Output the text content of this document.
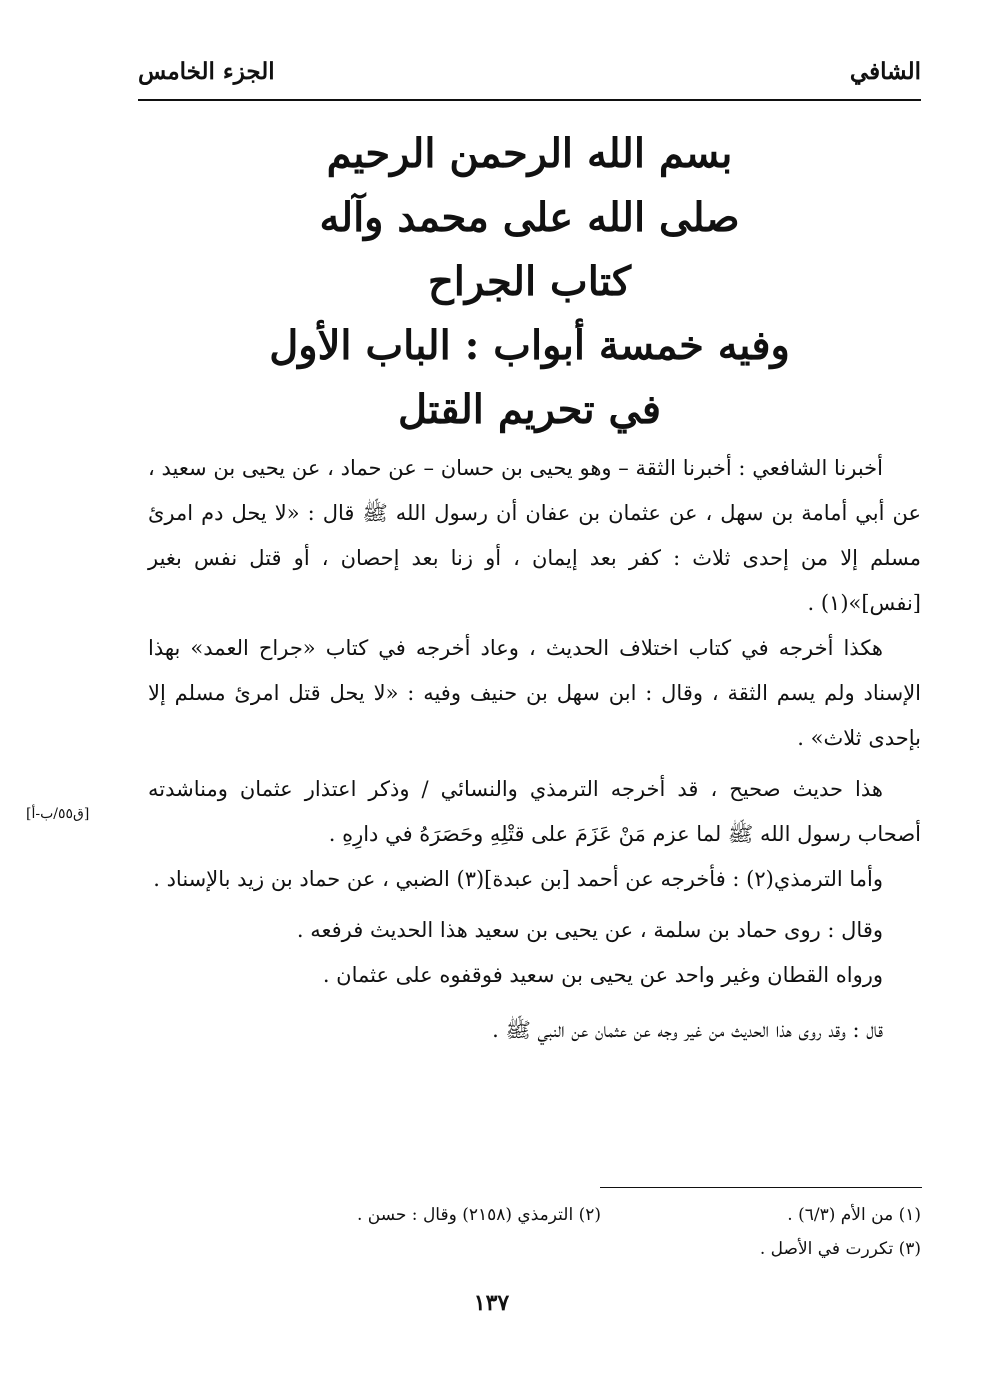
الشافي
الجزء الخامس
بسم الله الرحمن الرحيم
صلى الله على محمد وآله
كتاب الجراح
وفيه خمسة أبواب : الباب الأول
في تحريم القتل

أخبرنا الشافعي : أخبرنا الثقة – وهو يحيى بن حسان – عن حماد ، عن يحيى بن سعيد ، عن أبي أمامة بن سهل ، عن عثمان بن عفان أن رسول الله ﷺ قال : «لا يحل دم امرئ مسلم إلا من إحدى ثلاث : كفر بعد إيمان ، أو زنا بعد إحصان ، أو قتل نفس بغير [نفس]»(١) .

هكذا أخرجه في كتاب اختلاف الحديث ، وعاد أخرجه في كتاب «جراح العمد» بهذا الإسناد ولم يسم الثقة ، وقال : ابن سهل بن حنيف وفيه : «لا يحل قتل امرئ مسلم إلا بإحدى ثلاث» .

هذا حديث صحيح ، قد أخرجه الترمذي والنسائي / وذكر اعتذار عثمان ومناشدته أصحاب رسول الله ﷺ لما عزم مَنْ عَزَمَ على قتْلِهِ وحَصَرَهُ في دارِهِ .

وأما الترمذي(٢) : فأخرجه عن أحمد [بن عبدة](٣) الضبي ، عن حماد بن زيد بالإسناد .

وقال : روى حماد بن سلمة ، عن يحيى بن سعيد هذا الحديث فرفعه .

ورواه القطان وغير واحد عن يحيى بن سعيد فوقفوه على عثمان .

قال : وقد روى هذا الحديث من غير وجه عن عثمان عن النبي ﷺ .

[ق٥٥/ب-أ]
(١) من الأم (٦/٣) .
(٢) الترمذي (٢١٥٨) وقال : حسن .
(٣) تكررت في الأصل .
١٣٧
